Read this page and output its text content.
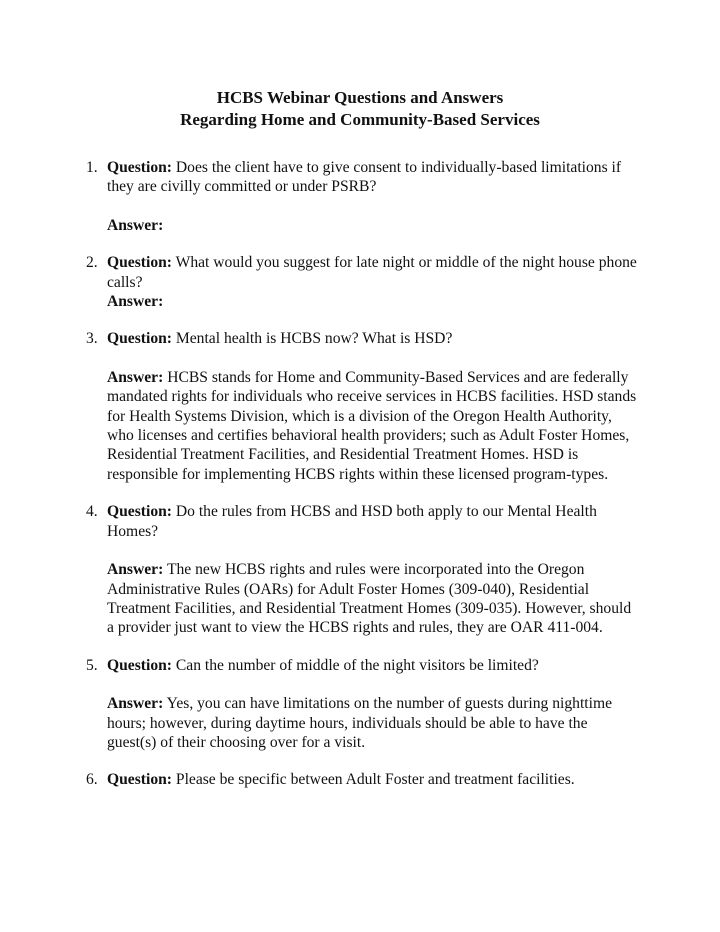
HCBS Webinar Questions and Answers
Regarding Home and Community-Based Services
1. Question: Does the client have to give consent to individually-based limitations if they are civilly committed or under PSRB?
Answer:
2. Question: What would you suggest for late night or middle of the night house phone calls?
Answer:
3. Question: Mental health is HCBS now? What is HSD?
Answer: HCBS stands for Home and Community-Based Services and are federally mandated rights for individuals who receive services in HCBS facilities. HSD stands for Health Systems Division, which is a division of the Oregon Health Authority, who licenses and certifies behavioral health providers; such as Adult Foster Homes, Residential Treatment Facilities, and Residential Treatment Homes. HSD is responsible for implementing HCBS rights within these licensed program-types.
4. Question: Do the rules from HCBS and HSD both apply to our Mental Health Homes?
Answer: The new HCBS rights and rules were incorporated into the Oregon Administrative Rules (OARs) for Adult Foster Homes (309-040), Residential Treatment Facilities, and Residential Treatment Homes (309-035). However, should a provider just want to view the HCBS rights and rules, they are OAR 411-004.
5. Question: Can the number of middle of the night visitors be limited?
Answer: Yes, you can have limitations on the number of guests during nighttime hours; however, during daytime hours, individuals should be able to have the guest(s) of their choosing over for a visit.
6. Question: Please be specific between Adult Foster and treatment facilities.
